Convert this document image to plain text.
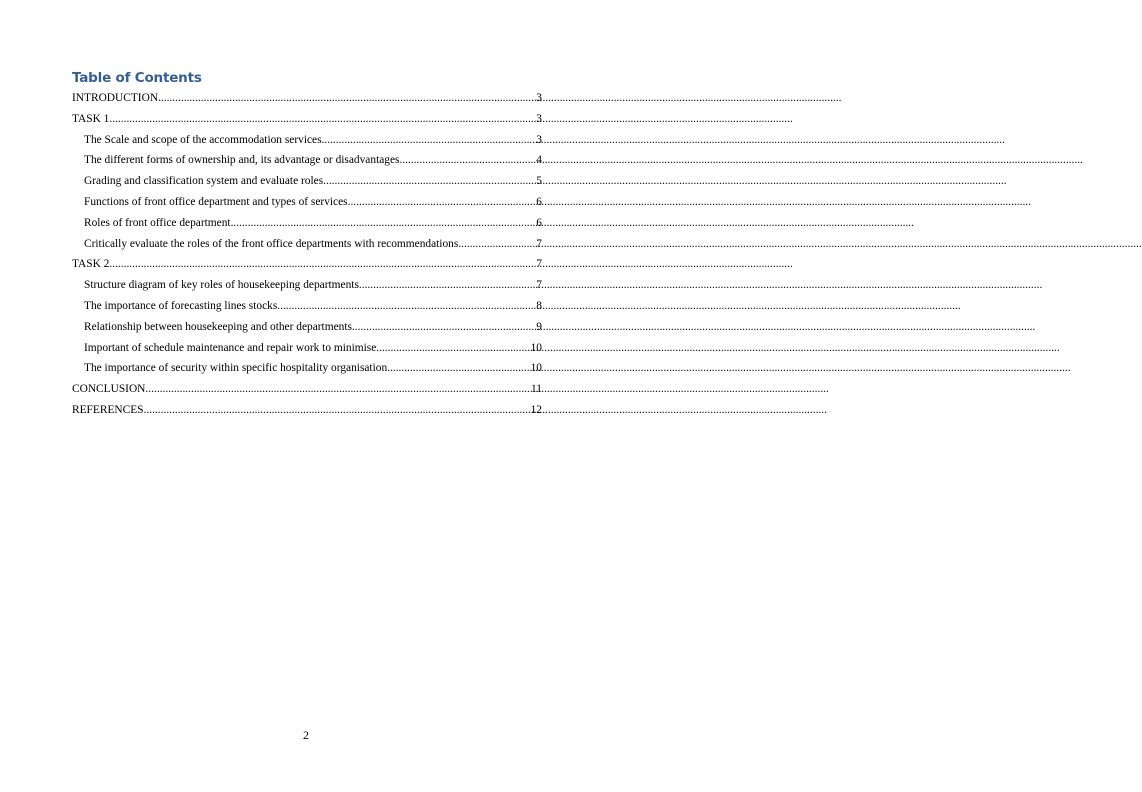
Table of Contents
INTRODUCTION .....	3
TASK 1 .....	3
The Scale and scope of the accommodation services .....	3
The different forms of ownership and, its advantage or disadvantages .....	4
Grading and classification system and evaluate roles .....	5
Functions of front office department and types of services .....	6
Roles of front office department .....	6
Critically evaluate the roles of the front office departments with recommendations .....	7
TASK 2 .....	7
Structure diagram of key roles of housekeeping departments .....	7
The importance of forecasting lines stocks .....	8
Relationship between housekeeping and other departments .....	9
Important of schedule maintenance and repair work to minimise .....	10
The importance of security within specific hospitality organisation .....	10
CONCLUSION .....	11
REFERENCES .....	12
2
